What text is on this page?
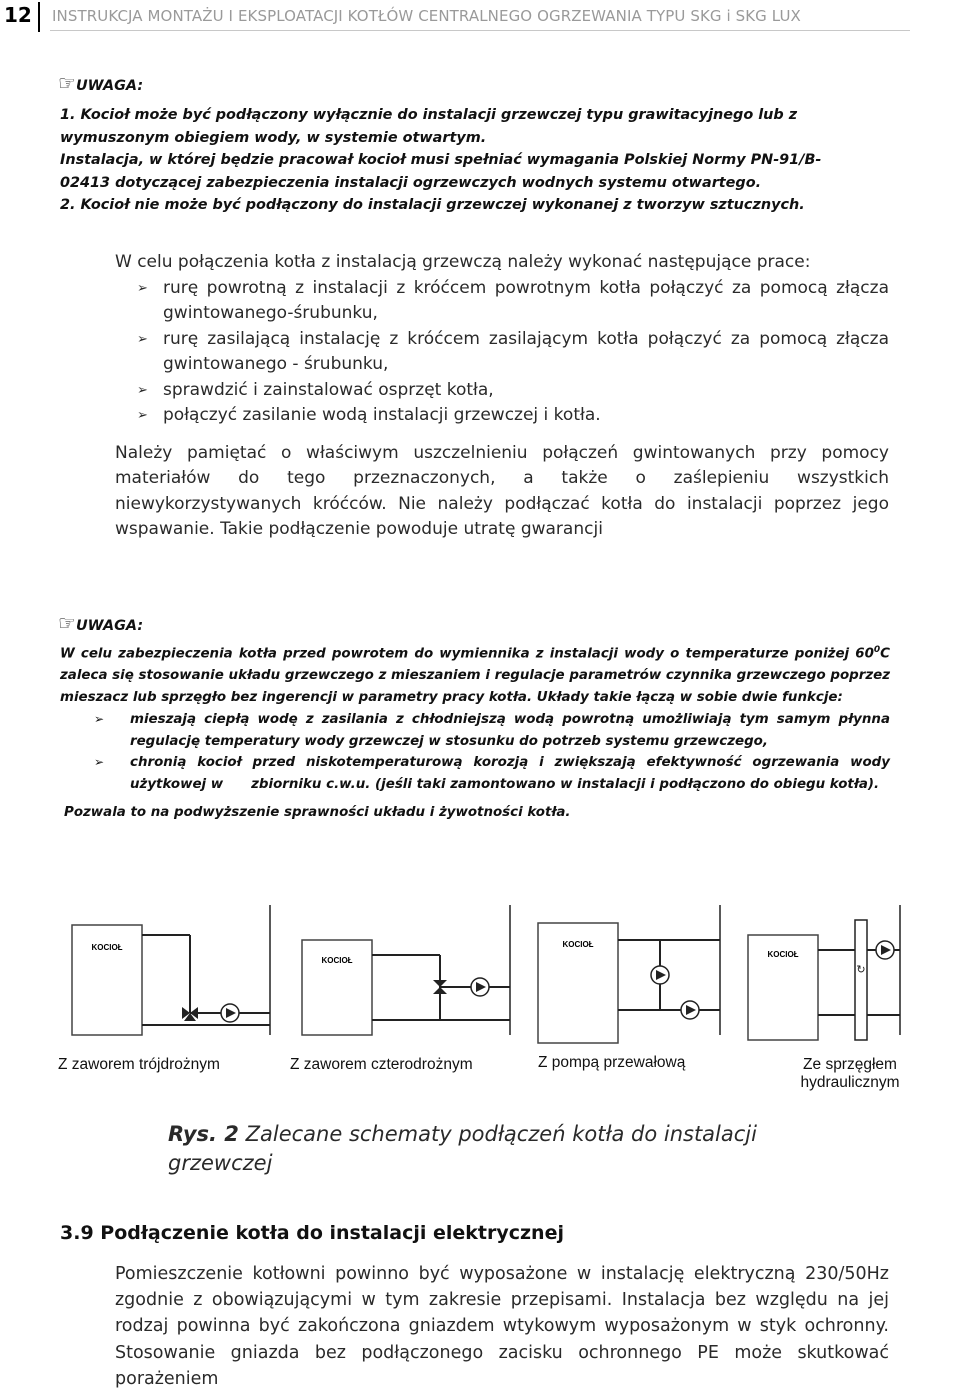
12 INSTRUKCJA MONTAŻU I EKSPLOATACJI KOTŁÓW CENTRALNEGO OGRZEWANIA TYPU SKG i SKG LUX
☞UWAGA:
1. Kocioł może być podłączony wyłącznie do instalacji grzewczej typu grawitacyjnego lub z
wymuszonym obiegiem wody, w systemie otwartym.
Instalacja, w której będzie pracował kocioł musi spełniać wymagania Polskiej Normy PN-91/B-
02413 dotyczącej zabezpieczenia instalacji ogrzewczych wodnych systemu otwartego.
2. Kocioł nie może być podłączony do instalacji grzewczej wykonanej z tworzyw sztucznych.
W celu połączenia kotła z instalacją grzewczą należy wykonać następujące prace:
➢ rurę powrotną z instalacji z króćcem powrotnym kotła połączyć za pomocą złącza gwintowanego-śrubunku,
➢ rurę zasilającą instalację z króćcem zasilającym kotła połączyć za pomocą złącza gwintowanego - śrubunku,
➢ sprawdzić i zainstalować osprzęt kotła,
➢ połączyć zasilanie wodą instalacji grzewczej i kotła.
Należy pamiętać o właściwym uszczelnieniu połączeń gwintowanych przy pomocy materiałów do tego przeznaczonych, a także o zaślepieniu wszystkich niewykorzystywanych króćców. Nie należy podłączać kotła do instalacji poprzez jego wspawanie. Takie podłączenie powoduje utratę gwarancji
☞UWAGA:
W celu zabezpieczenia kotła przed powrotem do wymiennika z instalacji wody o temperaturze poniżej $60^0C$ zaleca się stosowanie układu grzewczego z mieszaniem i regulacje parametrów czynnika grzewczego poprzez mieszacz lub sprzęgło bez ingerencji w parametry pracy kotła. Układy takie łączą w sobie dwie funkcje:
➢ mieszają ciepłą wodę z zasilania z chłodniejszą wodą powrotną umożliwiają tym samym płynna regulację temperatury wody grzewczej w stosunku do potrzeb systemu grzewczego,
➢ chronią kocioł przed niskotemperaturową korozją i zwiększają efektywność ogrzewania wody użytkowej w      zbiorniku c.w.u. (jeśli taki zamontowano w instalacji i podłączono do obiegu kotła).
Pozwala to na podwyższenie sprawności układu i żywotności kotła.
KOCIOŁ
KOCIOŁ
KOCIOŁ
KOCIOŁ
↻
Z zaworem trójdrożnym	Z zaworem czterodrożnym	Z pompą przewałową	Ze sprzęgłem hydraulicznym
Rys. 2 Zalecane schematy podłączeń kotła do instalacji grzewczej
3.9 Podłączenie kotła do instalacji elektrycznej
Pomieszczenie kotłowni powinno być wyposażone w instalację elektryczną 230/50Hz zgodnie z obowiązującymi w tym zakresie przepisami. Instalacja bez względu na jej rodzaj powinna być zakończona gniazdem wtykowym wyposażonym w styk ochronny. Stosowanie gniazda bez podłączonego zacisku ochronnego PE może skutkować porażeniem
